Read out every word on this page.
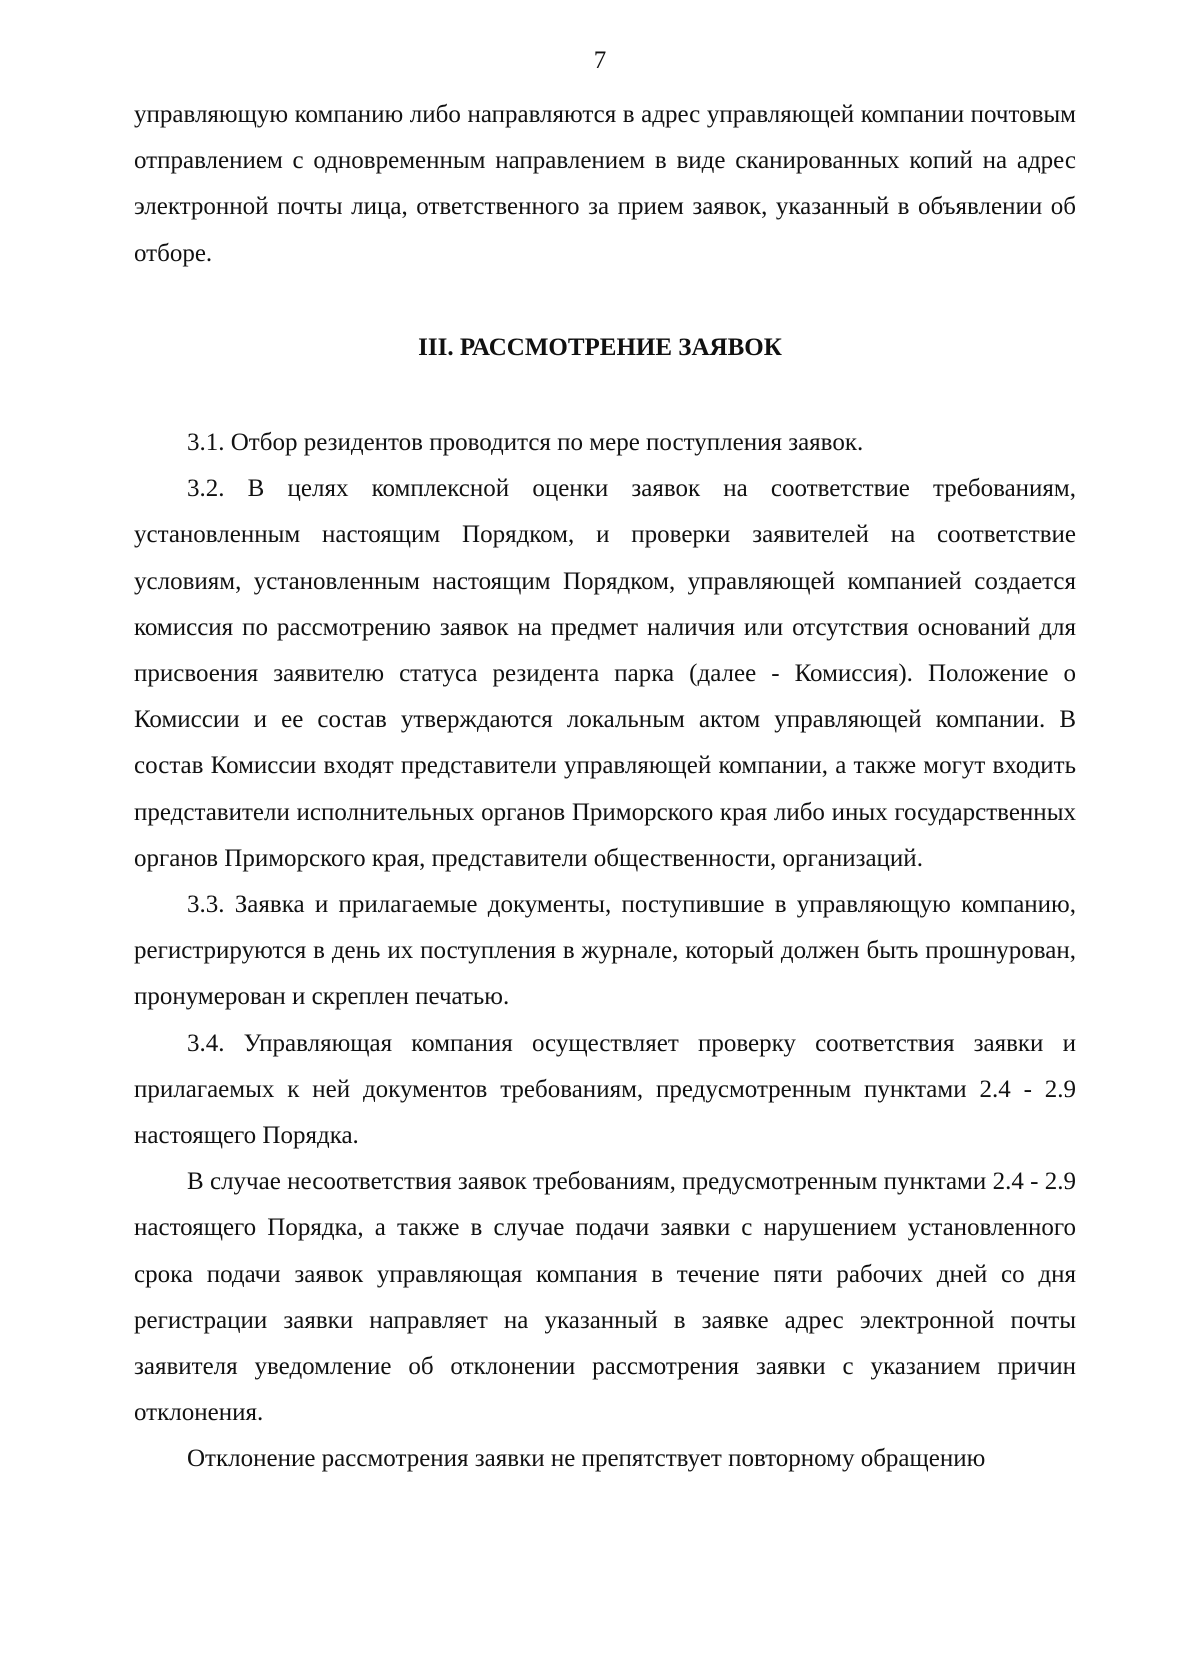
7

управляющую компанию либо направляются в адрес управляющей компании почтовым отправлением с одновременным направлением в виде сканированных копий на адрес электронной почты лица, ответственного за прием заявок, указанный в объявлении об отборе.

III. РАССМОТРЕНИЕ ЗАЯВОК

3.1. Отбор резидентов проводится по мере поступления заявок.

3.2. В целях комплексной оценки заявок на соответствие требованиям, установленным настоящим Порядком, и проверки заявителей на соответствие условиям, установленным настоящим Порядком, управляющей компанией создается комиссия по рассмотрению заявок на предмет наличия или отсутствия оснований для присвоения заявителю статуса резидента парка (далее - Комиссия). Положение о Комиссии и ее состав утверждаются локальным актом управляющей компании. В состав Комиссии входят представители управляющей компании, а также могут входить представители исполнительных органов Приморского края либо иных государственных органов Приморского края, представители общественности, организаций.

3.3. Заявка и прилагаемые документы, поступившие в управляющую компанию, регистрируются в день их поступления в журнале, который должен быть прошнурован, пронумерован и скреплен печатью.

3.4. Управляющая компания осуществляет проверку соответствия заявки и прилагаемых к ней документов требованиям, предусмотренным пунктами 2.4 - 2.9 настоящего Порядка.

В случае несоответствия заявок требованиям, предусмотренным пунктами 2.4 - 2.9 настоящего Порядка, а также в случае подачи заявки с нарушением установленного срока подачи заявок управляющая компания в течение пяти рабочих дней со дня регистрации заявки направляет на указанный в заявке адрес электронной почты заявителя уведомление об отклонении рассмотрения заявки с указанием причин отклонения.

Отклонение рассмотрения заявки не препятствует повторному обращению
